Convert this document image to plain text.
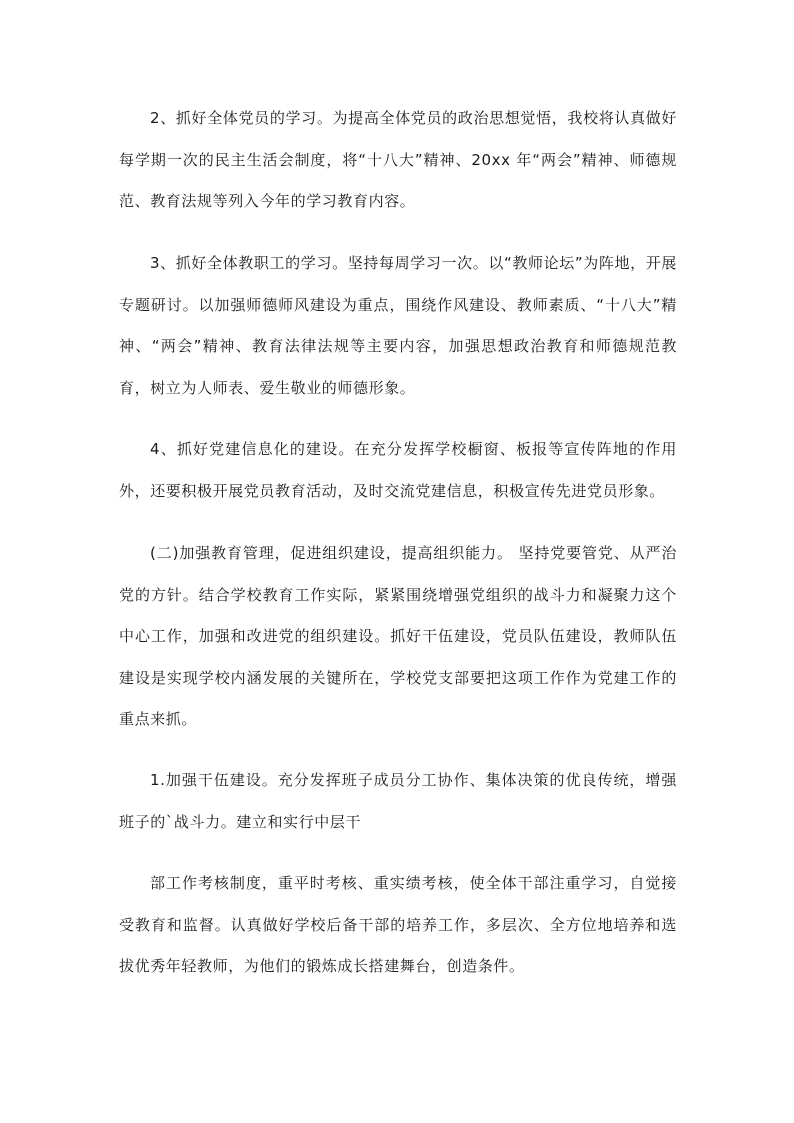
2、抓好全体党员的学习。为提高全体党员的政治思想觉悟，我校将认真做好每学期一次的民主生活会制度，将“十八大”精神、20xx 年“两会”精神、师德规范、教育法规等列入今年的学习教育内容。

3、抓好全体教职工的学习。坚持每周学习一次。以“教师论坛”为阵地，开展专题研讨。以加强师德师风建设为重点，围绕作风建设、教师素质、“十八大”精神、“两会”精神、教育法律法规等主要内容，加强思想政治教育和师德规范教育，树立为人师表、爱生敬业的师德形象。

4、抓好党建信息化的建设。在充分发挥学校橱窗、板报等宣传阵地的作用外，还要积极开展党员教育活动，及时交流党建信息，积极宣传先进党员形象。

(二)加强教育管理，促进组织建设，提高组织能力。 坚持党要管党、从严治党的方针。结合学校教育工作实际，紧紧围绕增强党组织的战斗力和凝聚力这个中心工作，加强和改进党的组织建设。抓好干伍建设，党员队伍建设，教师队伍建设是实现学校内涵发展的关键所在，学校党支部要把这项工作作为党建工作的重点来抓。

1.加强干伍建设。充分发挥班子成员分工协作、集体决策的优良传统，增强班子的`战斗力。建立和实行中层干

部工作考核制度，重平时考核、重实绩考核，使全体干部注重学习，自觉接受教育和监督。认真做好学校后备干部的培养工作，多层次、全方位地培养和选拔优秀年轻教师，为他们的锻炼成长搭建舞台，创造条件。
